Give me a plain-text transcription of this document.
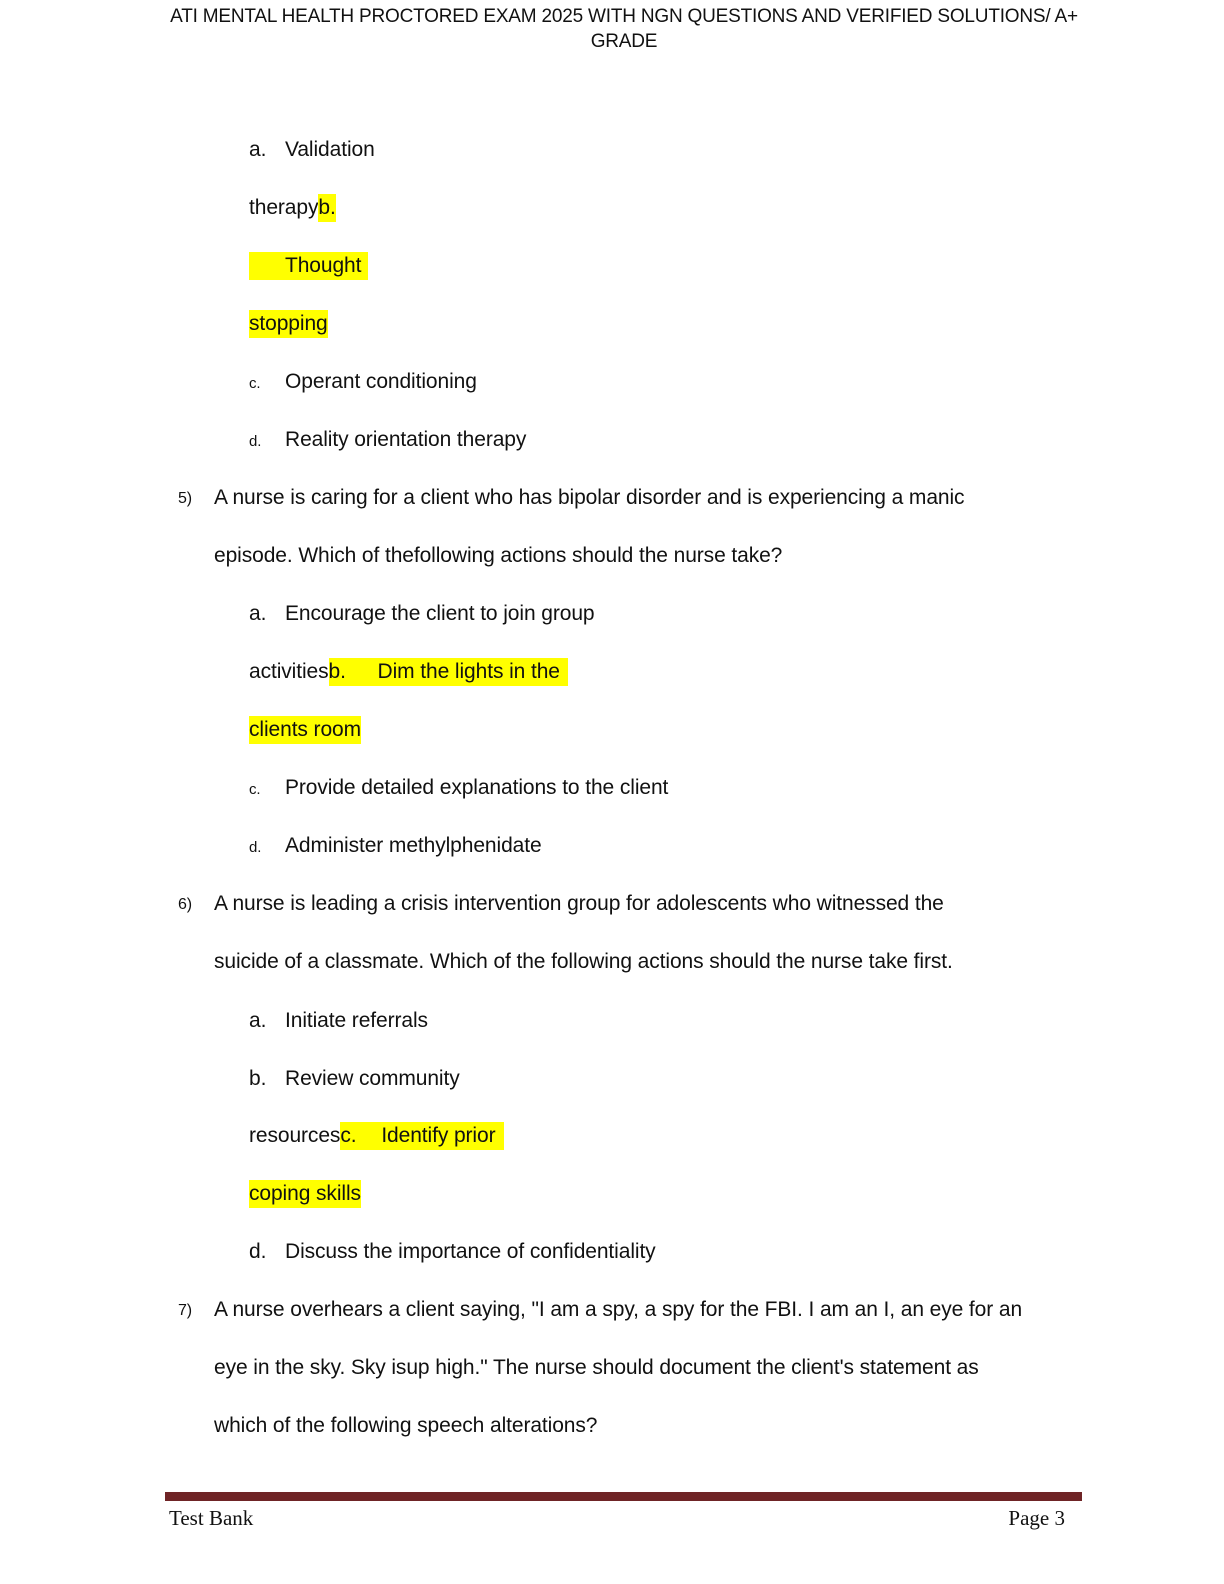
ATI MENTAL HEALTH PROCTORED EXAM 2025 WITH NGN QUESTIONS AND VERIFIED SOLUTIONS/ A+
GRADE
a. Validation
therapyb.
Thought
stopping
c. Operant conditioning
d. Reality orientation therapy
5) A nurse is caring for a client who has bipolar disorder and is experiencing a manic
episode. Which of thefollowing actions should the nurse take?
a. Encourage the client to join group
activitiesb. Dim the lights in the
clients room
c. Provide detailed explanations to the client
d. Administer methylphenidate
6) A nurse is leading a crisis intervention group for adolescents who witnessed the
suicide of a classmate. Which of the following actions should the nurse take first.
a. Initiate referrals
b. Review community
resourcesc. Identify prior
coping skills
d. Discuss the importance of confidentiality
7) A nurse overhears a client saying, "I am a spy, a spy for the FBI. I am an I, an eye for an
eye in the sky. Sky isup high." The nurse should document the client's statement as
which of the following speech alterations?
Test Bank	Page 3
